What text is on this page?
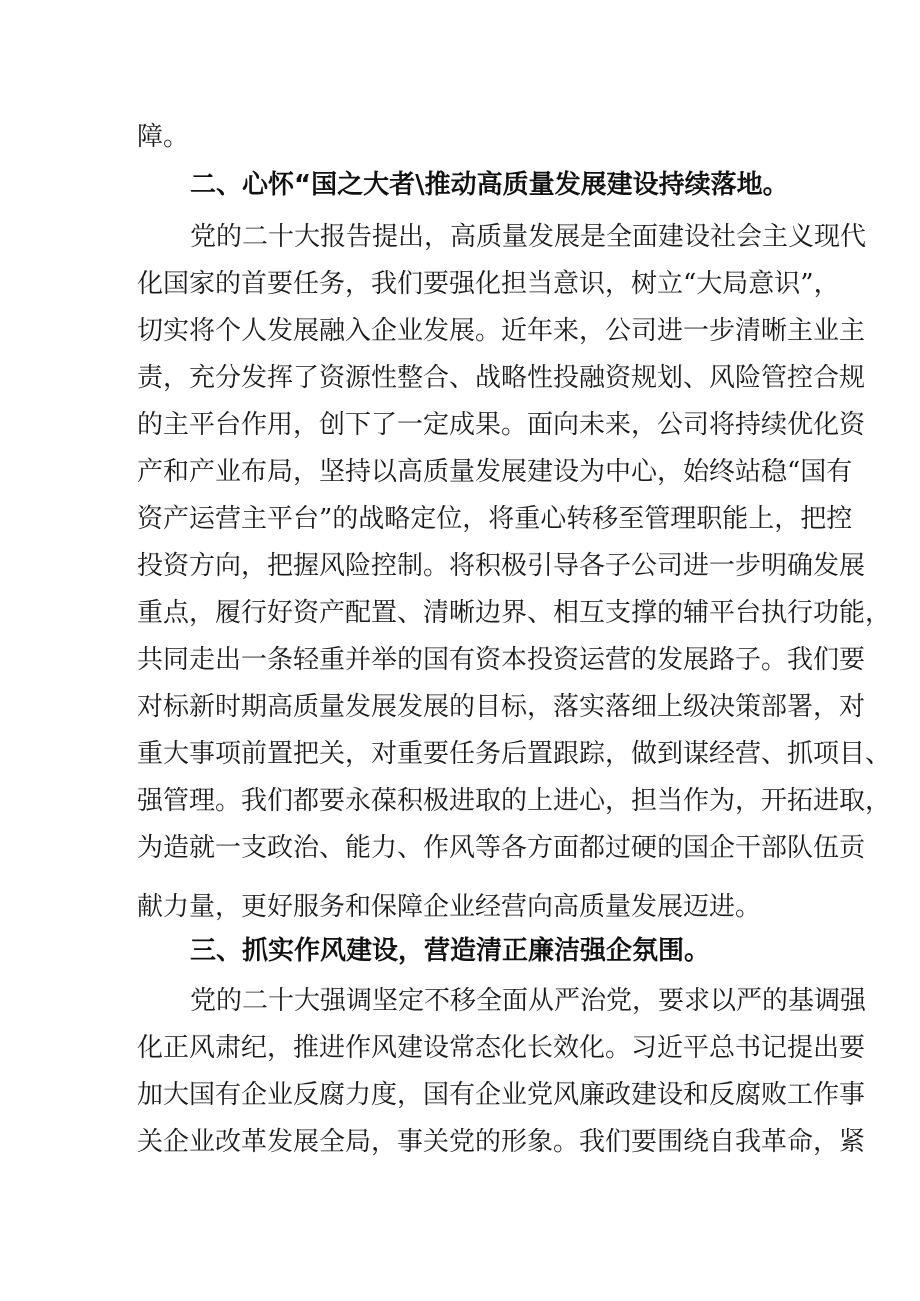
障。
二、心怀“国之大者\推动高质量发展建设持续落地。
党的二十大报告提出，高质量发展是全面建设社会主义现代
化国家的首要任务，我们要强化担当意识，树立“大局意识”，
切实将个人发展融入企业发展。近年来，公司进一步清晰主业主
责，充分发挥了资源性整合、战略性投融资规划、风险管控合规
的主平台作用，创下了一定成果。面向未来，公司将持续优化资
产和产业布局，坚持以高质量发展建设为中心，始终站稳“国有
资产运营主平台”的战略定位，将重心转移至管理职能上，把控
投资方向，把握风险控制。将积极引导各子公司进一步明确发展
重点，履行好资产配置、清晰边界、相互支撑的辅平台执行功能，
共同走出一条轻重并举的国有资本投资运营的发展路子。我们要
对标新时期高质量发展发展的目标，落实落细上级决策部署，对
重大事项前置把关，对重要任务后置跟踪，做到谋经营、抓项目、
强管理。我们都要永葆积极进取的上进心，担当作为，开拓进取，
为造就一支政治、能力、作风等各方面都过硬的国企干部队伍贡
献力量，更好服务和保障企业经营向高质量发展迈进。
三、抓实作风建设，营造清正廉洁强企氛围。
党的二十大强调坚定不移全面从严治党，要求以严的基调强
化正风肃纪，推进作风建设常态化长效化。习近平总书记提出要
加大国有企业反腐力度，国有企业党风廉政建设和反腐败工作事
关企业改革发展全局，事关党的形象。我们要围绕自我革命，紧
